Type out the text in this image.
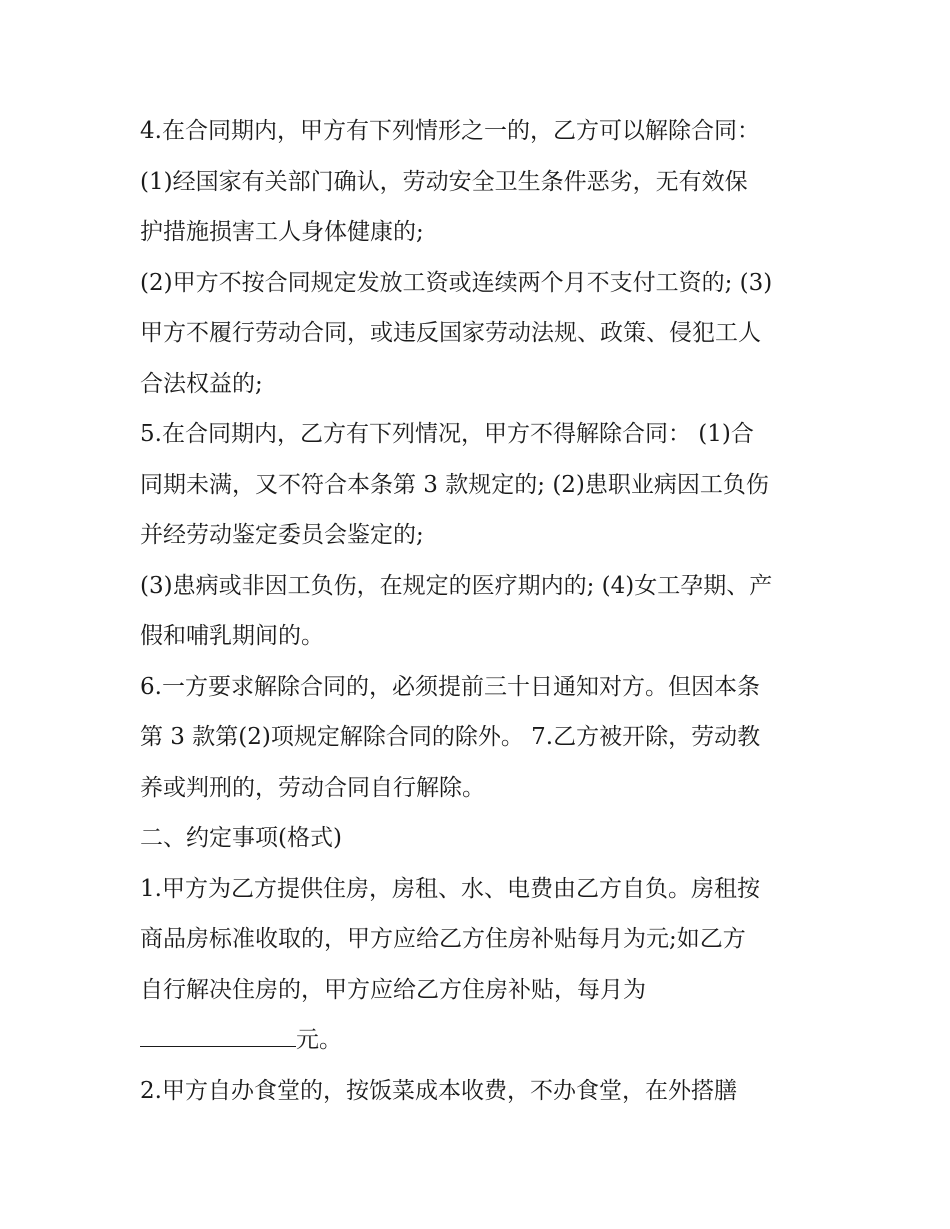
4.在合同期内，甲方有下列情形之一的，乙方可以解除合同：
(1)经国家有关部门确认，劳动安全卫生条件恶劣，无有效保
护措施损害工人身体健康的;
(2)甲方不按合同规定发放工资或连续两个月不支付工资的; (3)
甲方不履行劳动合同，或违反国家劳动法规、政策、侵犯工人
合法权益的;
5.在合同期内，乙方有下列情况，甲方不得解除合同： (1)合
同期未满，又不符合本条第 3 款规定的; (2)患职业病因工负伤
并经劳动鉴定委员会鉴定的;
(3)患病或非因工负伤，在规定的医疗期内的; (4)女工孕期、产
假和哺乳期间的。
6.一方要求解除合同的，必须提前三十日通知对方。但因本条
第 3 款第(2)项规定解除合同的除外。 7.乙方被开除，劳动教
养或判刑的，劳动合同自行解除。
二、约定事项(格式)
1.甲方为乙方提供住房，房租、水、电费由乙方自负。房租按
商品房标准收取的，甲方应给乙方住房补贴每月为元;如乙方
自行解决住房的，甲方应给乙方住房补贴，每月为
元。
2.甲方自办食堂的，按饭菜成本收费，不办食堂，在外搭膳
